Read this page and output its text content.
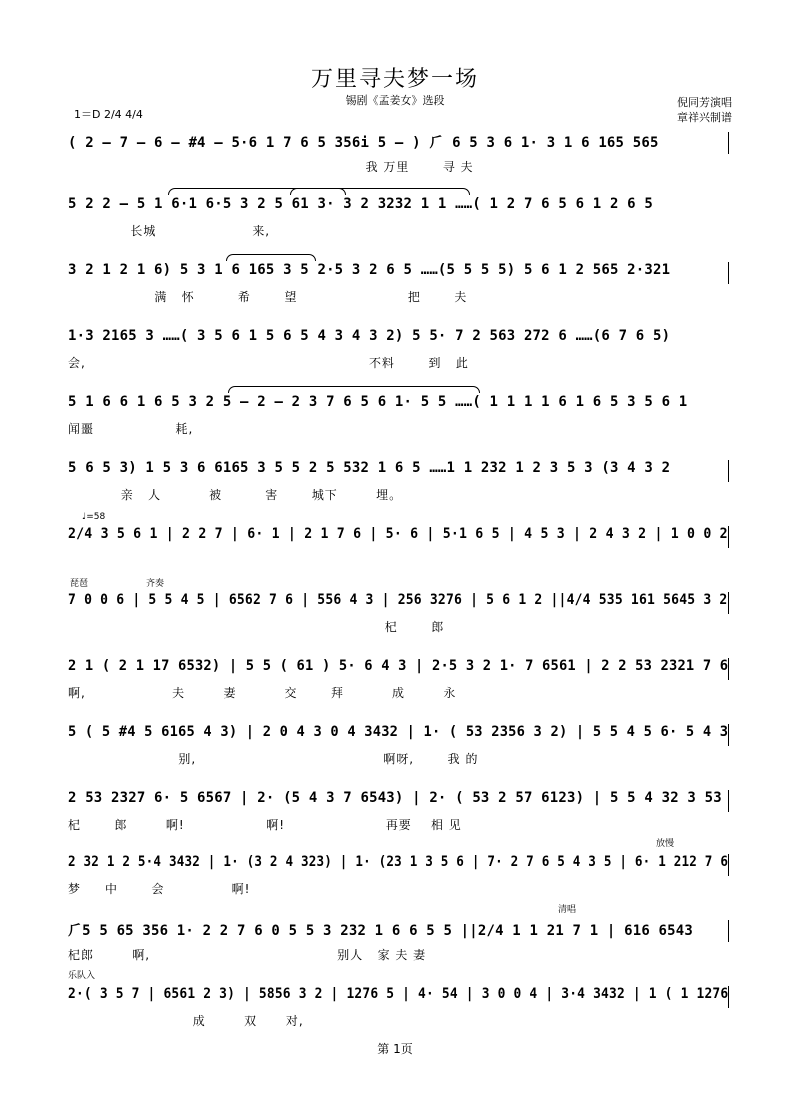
万里寻夫梦一场
锡剧《孟姜女》选段
1＝D 2/4 4/4
倪同芳演唱
章祥兴制谱
( 2 – 7 – 6 – #4 – 5·6 1 7 6 5 356i 5 – ) ⺁ 6 5 3 6 1· 3 1 6 165 565
我 万里       寻 夫
5 2 2 – 5 1 6·1 6·5 3 2 5 61 3· 3 2 3232 1 1 ……( 1 2 7 6 5 6 1 2 6 5
长城                    来,
3 2 1 2 1 6) 5 3 1 6 165 3 5 2·5 3 2 6 5 ……(5 5 5 5) 5 6 1 2 565 2·321
满   怀         希       望                       把       夫
1·3 2165 3 ……( 3 5 6 1 5 6 5 4 3 4 3 2) 5 5· 7 2 563 272 6 ……(6 7 6 5)
会,                                                           不料       到   此
5 1 6 6 1 6 5 3 2 5 – 2 – 2 3 7 6 5 6 1· 5 5 ……( 1 1 1 1 6 1 6 5 3 5 6 1
闻噩                 耗,
5 6 5 3) 1 5 3 6 6165 3 5 5 2 5 532 1 6 5 ……1 1 232 1 2 3 5 3 (3 4 3 2
亲   人          被         害       城下        埋。
♩=58
2/4 3 5 6 1 | 2 2 7 | 6· 1 | 2 1 7 6 | 5· 6 | 5·1 6 5 | 4 5 3 | 2 4 3 2 | 1 0 0 2
琵琶	齐奏
7 0 0 6 | 5 5 4 5 | 6562 7 6 | 556 4 3 | 256 3276 | 5 6 1 2 ||4/4 535 161 5645 3 2
杞       郎
2 1 ( 2 1 17 6532) | 5 5 ( 61 ) 5· 6 4 3 | 2·5 3 2 1· 7 6561 | 2 2 53 2321 7 6
啊,                  夫        妻          交       拜          成        永
5 ( 5 #4 5 6165 4 3) | 2 0 4 3 0 4 3432 | 1· ( 53 2356 3 2) | 5 5 4 5 6· 5 4 3
别,                                       啊呀,       我 的
2 53 2327 6· 5 6567 | 2· (5 4 3 7 6543) | 2· ( 53 2 57 6123) | 5 5 4 32 3 53
杞       郎        啊!                 啊!                     再要    相 见
放慢
2 32 1 2 5·4 3432 | 1· (3 2 4 323) | 1· (23 1 3 5 6 | 7· 2 7 6 5 4 3 5 | 6· 1 212 7 6
梦     中       会              啊!
清唱
⺁5 5 65 356 1· 2 2 7 6 0 5 5 3 232 1 6 6 5 5 ||2/4 1 1 21 7 1 | 616 6543
杞郎        啊,                                       别人   家 夫 妻
乐队入
2·( 3 5 7 | 6561 2 3) | 5856 3 2 | 1276 5 | 4· 54 | 3 0 0 4 | 3·4 3432 | 1 ( 1 1276
成        双      对,
第 1页
